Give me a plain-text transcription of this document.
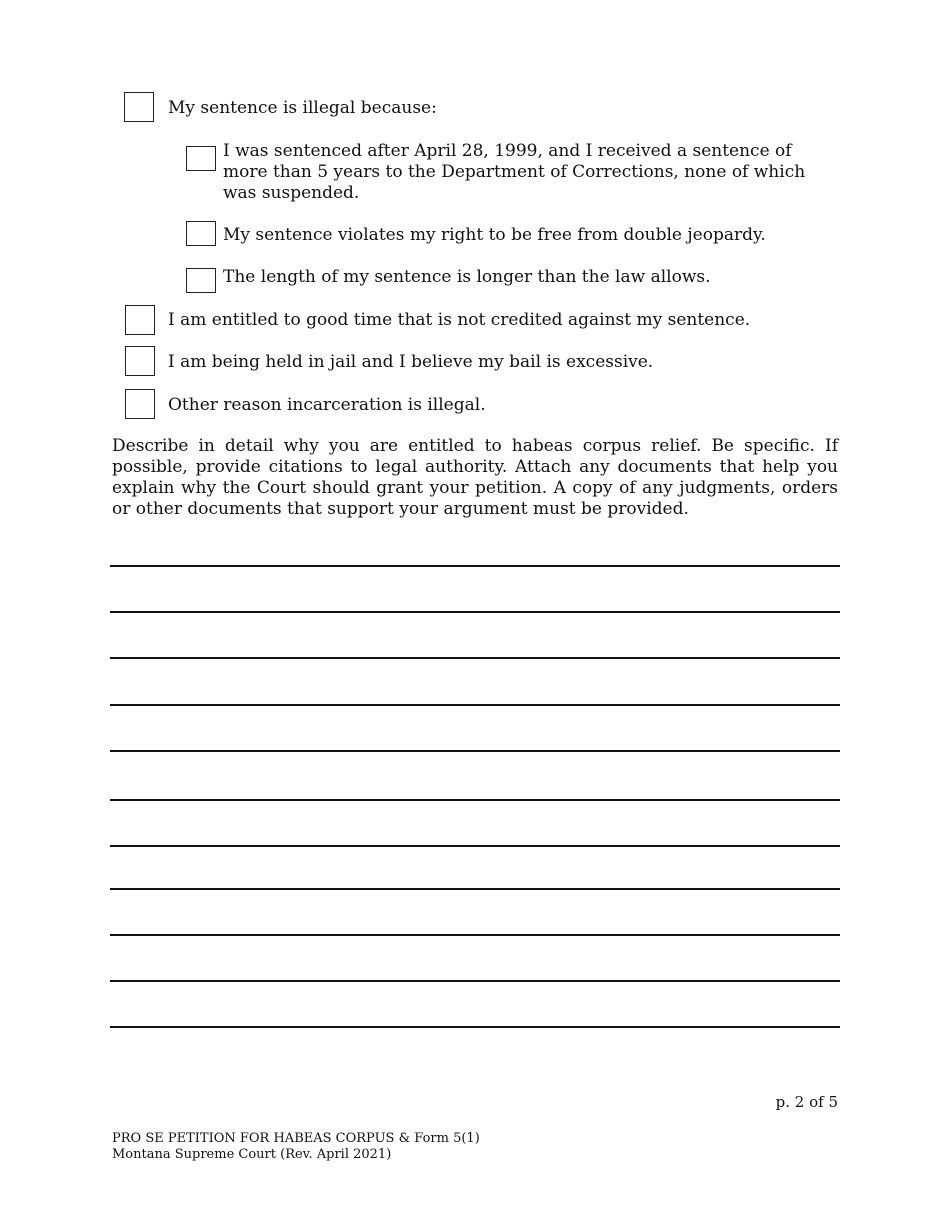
My sentence is illegal because:
I was sentenced after April 28, 1999, and I received a sentence of more than 5 years to the Department of Corrections, none of which was suspended.
My sentence violates my right to be free from double jeopardy.
The length of my sentence is longer than the law allows.
I am entitled to good time that is not credited against my sentence.
I am being held in jail and I believe my bail is excessive.
Other reason incarceration is illegal.
Describe in detail why you are entitled to habeas corpus relief. Be specific. If possible, provide citations to legal authority. Attach any documents that help you explain why the Court should grant your petition. A copy of any judgments, orders or other documents that support your argument must be provided.
p. 2 of 5
PRO SE PETITION FOR HABEAS CORPUS & Form 5(1)
Montana Supreme Court (Rev. April 2021)
